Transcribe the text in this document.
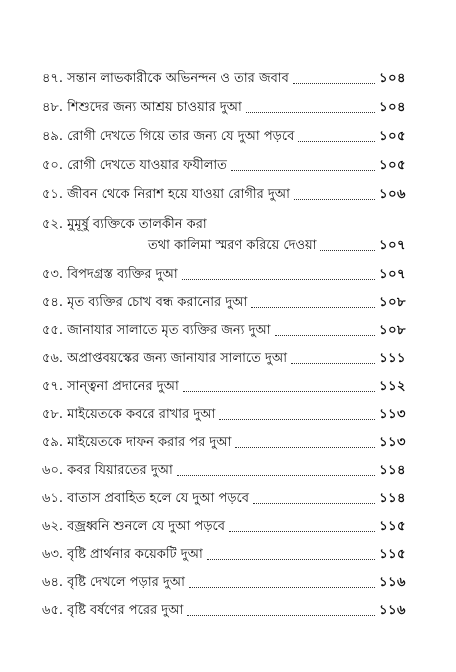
৪৭. সন্তান লাভকারীকে অভিনন্দন ও তার জবাব	১০৪
৪৮. শিশুদের জন্য আশ্রয় চাওয়ার দুআ	১০৪
৪৯. রোগী দেখতে গিয়ে তার জন্য যে দুআ পড়বে	১০৫
৫০. রোগী দেখতে যাওয়ার ফযীলাত	১০৫
৫১. জীবন থেকে নিরাশ হয়ে যাওয়া রোগীর দুআ	১০৬
৫২. মুমূর্ষু ব্যক্তিকে তালকীন করা
তথা কালিমা স্মরণ করিয়ে দেওয়া	১০৭
৫৩. বিপদগ্রস্ত ব্যক্তির দুআ	১০৭
৫৪. মৃত ব্যক্তির চোখ বন্ধ করানোর দুআ	১০৮
৫৫. জানাযার সালাতে মৃত ব্যক্তির জন্য দুআ	১০৮
৫৬. অপ্রাপ্তবয়স্কের জন্য জানাযার সালাতে দুআ	১১১
৫৭. সান্ত্বনা প্রদানের দুআ	১১২
৫৮. মাইয়েতকে কবরে রাখার দুআ	১১৩
৫৯. মাইয়েতকে দাফন করার পর দুআ	১১৩
৬০. কবর যিয়ারতের দুআ	১১৪
৬১. বাতাস প্রবাহিত হলে যে দুআ পড়বে	১১৪
৬২. বজ্রধ্বনি শুনলে যে দুআ পড়বে	১১৫
৬৩. বৃষ্টি প্রার্থনার কয়েকটি দুআ	১১৫
৬৪. বৃষ্টি দেখলে পড়ার দুআ	১১৬
৬৫. বৃষ্টি বর্ষণের পরের দুআ	১১৬
